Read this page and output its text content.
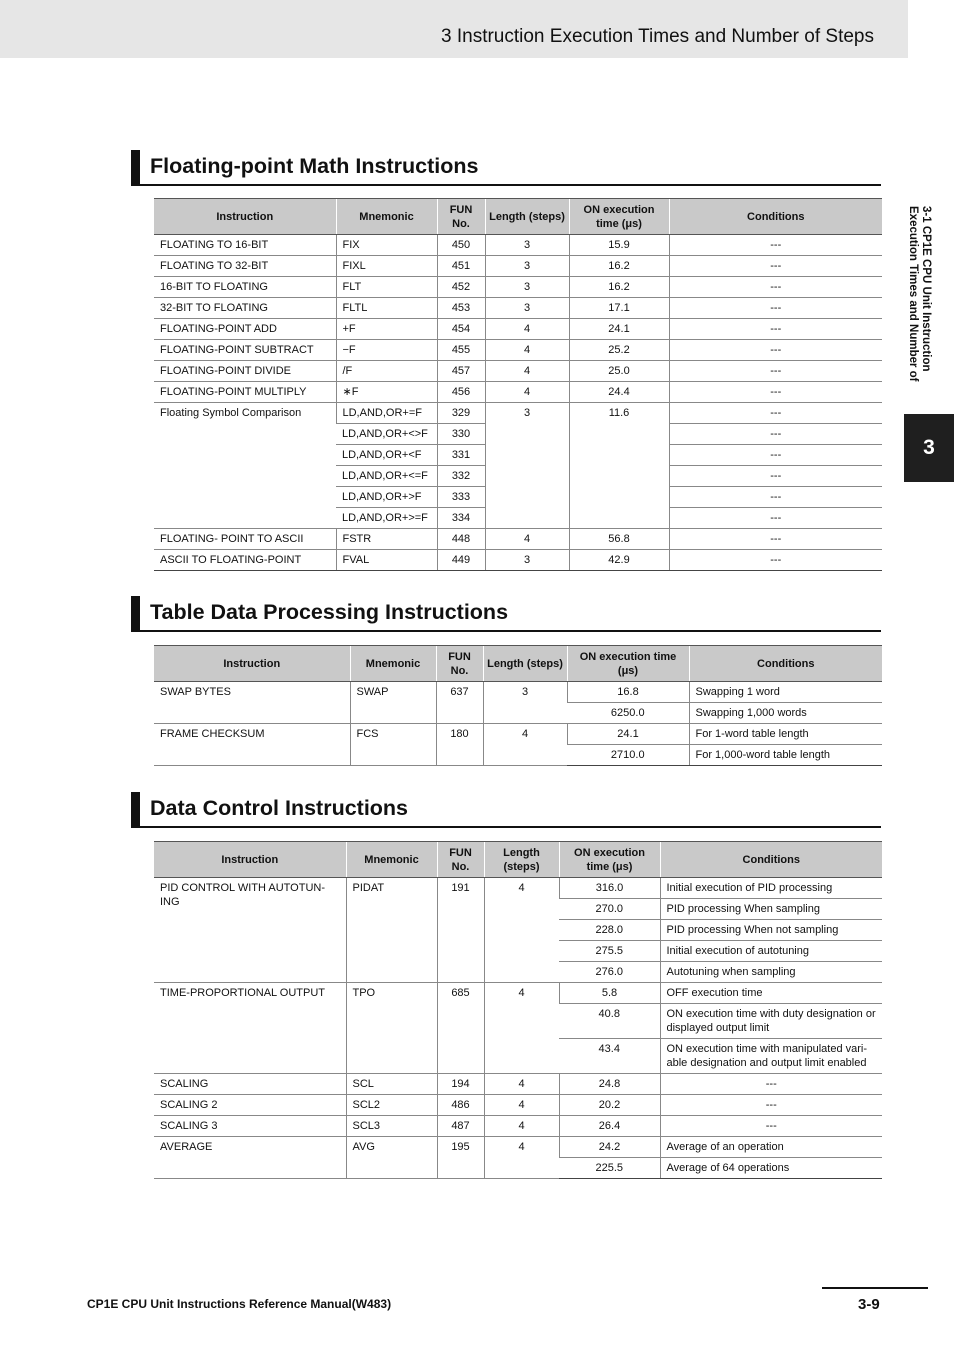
3 Instruction Execution Times and Number of Steps
3-1 CP1E CPU Unit Instruction Execution Times and Number of
3
Floating-point Math Instructions
Instruction	Mnemonic	FUN No.	Length (steps)	ON execution time (μs)	Conditions
FLOATING TO 16-BIT	FIX	450	3	15.9	---
FLOATING TO 32-BIT	FIXL	451	3	16.2	---
16-BIT TO FLOATING	FLT	452	3	16.2	---
32-BIT TO FLOATING	FLTL	453	3	17.1	---
FLOATING-POINT ADD	+F	454	4	24.1	---
FLOATING-POINT SUBTRACT	−F	455	4	25.2	---
FLOATING-POINT DIVIDE	/F	457	4	25.0	---
FLOATING-POINT MULTIPLY	∗F	456	4	24.4	---
Floating Symbol Comparison	LD,AND,OR+=F	329	3	11.6	---
	LD,AND,OR+<>F	330			---
	LD,AND,OR+<F	331			---
	LD,AND,OR+<=F	332			---
	LD,AND,OR+>F	333			---
	LD,AND,OR+>=F	334			---
FLOATING- POINT TO ASCII	FSTR	448	4	56.8	---
ASCII TO FLOATING-POINT	FVAL	449	3	42.9	---
Table Data Processing Instructions
Instruction	Mnemonic	FUN No.	Length (steps)	ON execution time (μs)	Conditions
SWAP BYTES	SWAP	637	3	16.8	Swapping 1 word
				6250.0	Swapping 1,000 words
FRAME CHECKSUM	FCS	180	4	24.1	For 1-word table length
				2710.0	For 1,000-word table length
Data Control Instructions
Instruction	Mnemonic	FUN No.	Length (steps)	ON execution time (μs)	Conditions
PID CONTROL WITH AUTOTUN-ING	PIDAT	191	4	316.0	Initial execution of PID processing
				270.0	PID processing When sampling
				228.0	PID processing When not sampling
				275.5	Initial execution of autotuning
				276.0	Autotuning when sampling
TIME-PROPORTIONAL OUTPUT	TPO	685	4	5.8	OFF execution time
				40.8	ON execution time with duty designation or displayed output limit
				43.4	ON execution time with manipulated vari-able designation and output limit enabled
SCALING	SCL	194	4	24.8	---
SCALING 2	SCL2	486	4	20.2	---
SCALING 3	SCL3	487	4	26.4	---
AVERAGE	AVG	195	4	24.2	Average of an operation
				225.5	Average of 64 operations
CP1E CPU Unit Instructions Reference Manual(W483)	3-9
